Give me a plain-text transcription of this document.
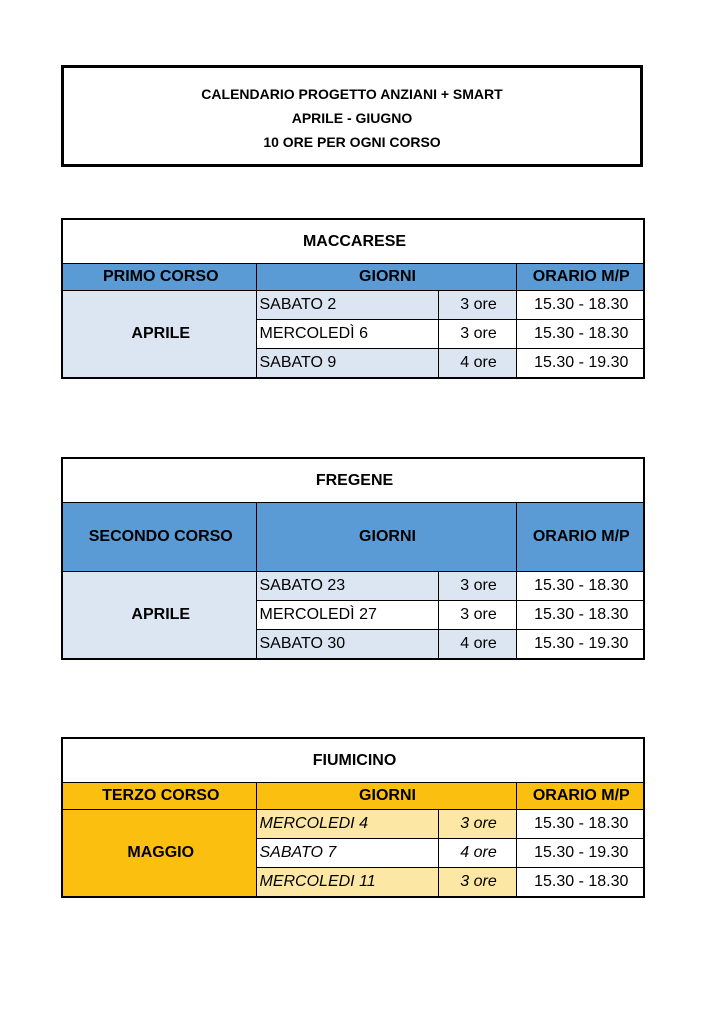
CALENDARIO PROGETTO ANZIANI + SMART
APRILE - GIUGNO
10 ORE PER OGNI CORSO
MACCARESE			
PRIMO CORSO	GIORNI		ORARIO M/P
APRILE	SABATO 2	3 ore	15.30 - 18.30
	MERCOLEDÌ 6	3 ore	15.30 - 18.30
	SABATO 9	4 ore	15.30 - 19.30
FREGENE			
SECONDO CORSO	GIORNI		ORARIO M/P
APRILE	SABATO 23	3 ore	15.30 - 18.30
	MERCOLEDÌ 27	3 ore	15.30 - 18.30
	SABATO 30	4 ore	15.30 - 19.30
FIUMICINO			
TERZO CORSO	GIORNI		ORARIO M/P
MAGGIO	MERCOLEDI 4	3 ore	15.30 - 18.30
	SABATO 7	4 ore	15.30 - 19.30
	MERCOLEDI 11	3 ore	15.30 - 18.30
